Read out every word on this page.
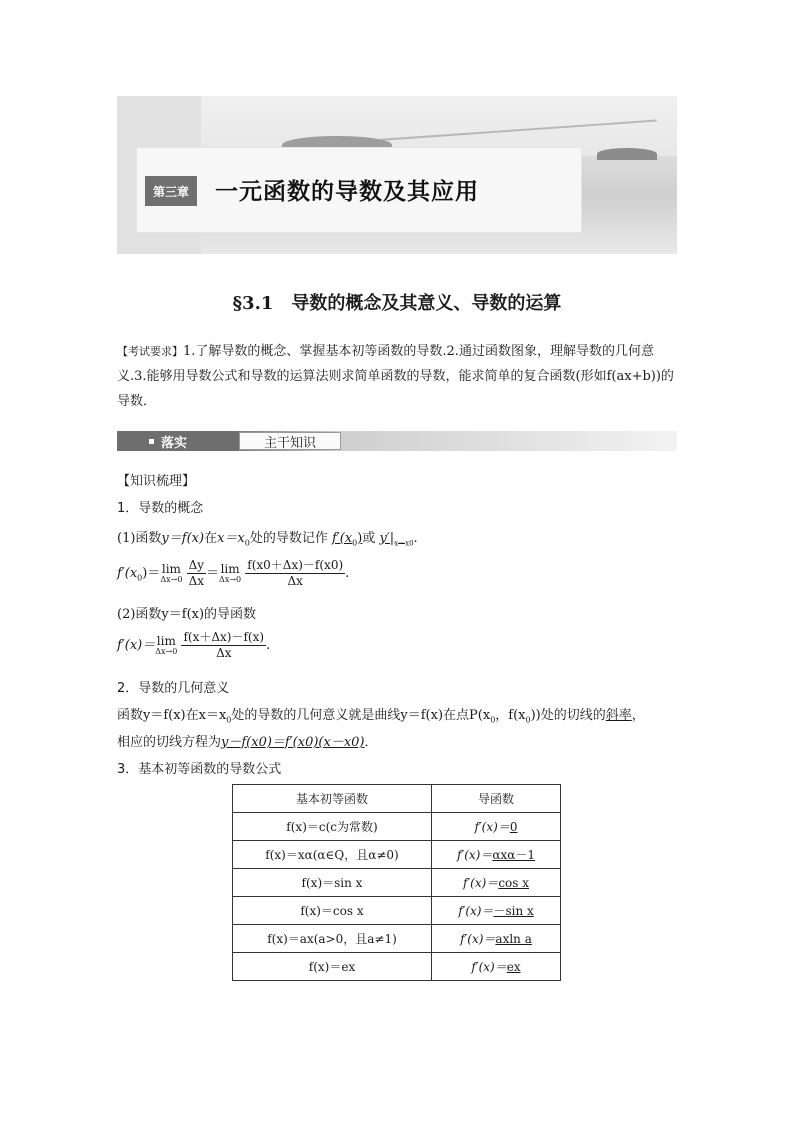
第三章	一元函数的导数及其应用
§3.1　导数的概念及其意义、导数的运算
【考试要求】1.了解导数的概念、掌握基本初等函数的导数.2.通过函数图象，理解导数的几何意义.3.能够用导数公式和导数的运算法则求简单函数的导数，能求简单的复合函数(形如f(ax+b))的导数．
落实	主干知识
【知识梳理】
1．导数的概念
(1)函数y＝f(x)在$x=x_0$处的导数记作 $f'(x_0)$或 $y'|_{x=x0}$.
$f'(x_0)= \lim$
Δx→0
$\frac{\Delta y}{\Delta x} = \lim$
Δx→0
$\frac{f(x0+\Delta x)-f(x0)}{\Delta x}$ .
(2)函数y＝f(x)的导函数
f′(x)＝ lim
Δx→0
$\frac{f(x+\Delta x)-f(x)}{\Delta x}$ .
2．导数的几何意义
函数y＝f(x)在$x=x_0$处的导数的几何意义就是曲线y＝f(x)在点$P(x_0$，$f(x_0)$)处的切线的斜率，
相应的切线方程为y－f(x0)＝f′(x0)(x－x0)．
3．基本初等函数的导数公式
基本初等函数	导函数
f(x)＝c(c为常数)	f′(x)＝0
f(x)＝xα(α∈Q，且α≠0)	f′(x)＝αxα－1
f(x)＝sin x	f′(x)＝cos x
f(x)＝cos x	f′(x)＝－sin x
f(x)＝ax(a>0，且a≠1)	f′(x)＝axln a
f(x)＝ex	f′(x)＝ex
